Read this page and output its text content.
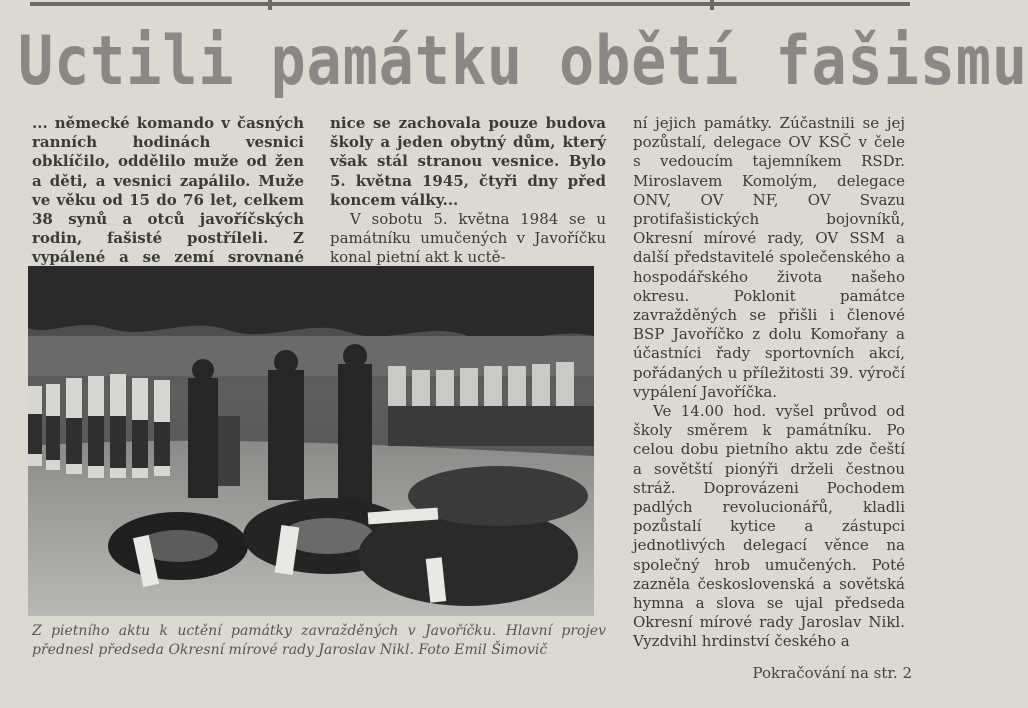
Uctili památku obětí fašismu

... německé komando v časných ranních hodinách vesnici obklíčilo, oddělilo muže od žen a děti, a vesnici zapálilo. Muže ve věku od 15 do 76 let, celkem 38 synů a otců javoříčských rodin, fašisté postříleli. Z vypálené a se zemí srovnané

nice se zachovala pouze budova školy a jeden obytný dům, který však stál stranou vesnice. Bylo 5. května 1945, čtyři dny před koncem války...

V sobotu 5. května 1984 se u památníku umučených v Javoříčku konal pietní akt k uctě-

ní jejich památky. Zúčastnili se jej pozůstalí, delegace OV KSČ v čele s vedoucím tajemníkem RSDr. Miroslavem Komolým, delegace ONV, OV NF, OV Svazu protifašistických bojovníků, Okresní mírové rady, OV SSM a další představitelé společenského a hospodářského života našeho okresu. Poklonit památce zavražděných se přišli i členové BSP Javoříčko z dolu Komořany a účastníci řady sportovních akcí, pořádaných u příležitosti 39. výročí vypálení Javoříčka.

Ve 14.00 hod. vyšel průvod od školy směrem k památníku. Po celou dobu pietního aktu zde čeští a sovětští pionýři drželi čestnou stráž. Doprovázeni Pochodem padlých revolucionářů, kladli pozůstalí kytice a zástupci jednotlivých delegací věnce na společný hrob umučených. Poté zazněla československá a sovětská hymna a slova se ujal předseda Okresní mírové rady Jaroslav Nikl. Vyzdvihl hrdinství českého a

Z pietního aktu k uctění památky zavražděných v Javoříčku. Hlavní projev přednesl předseda Okresní mírové rady Jaroslav Nikl. Foto Emil Šimovič
Pokračování na str. 2
